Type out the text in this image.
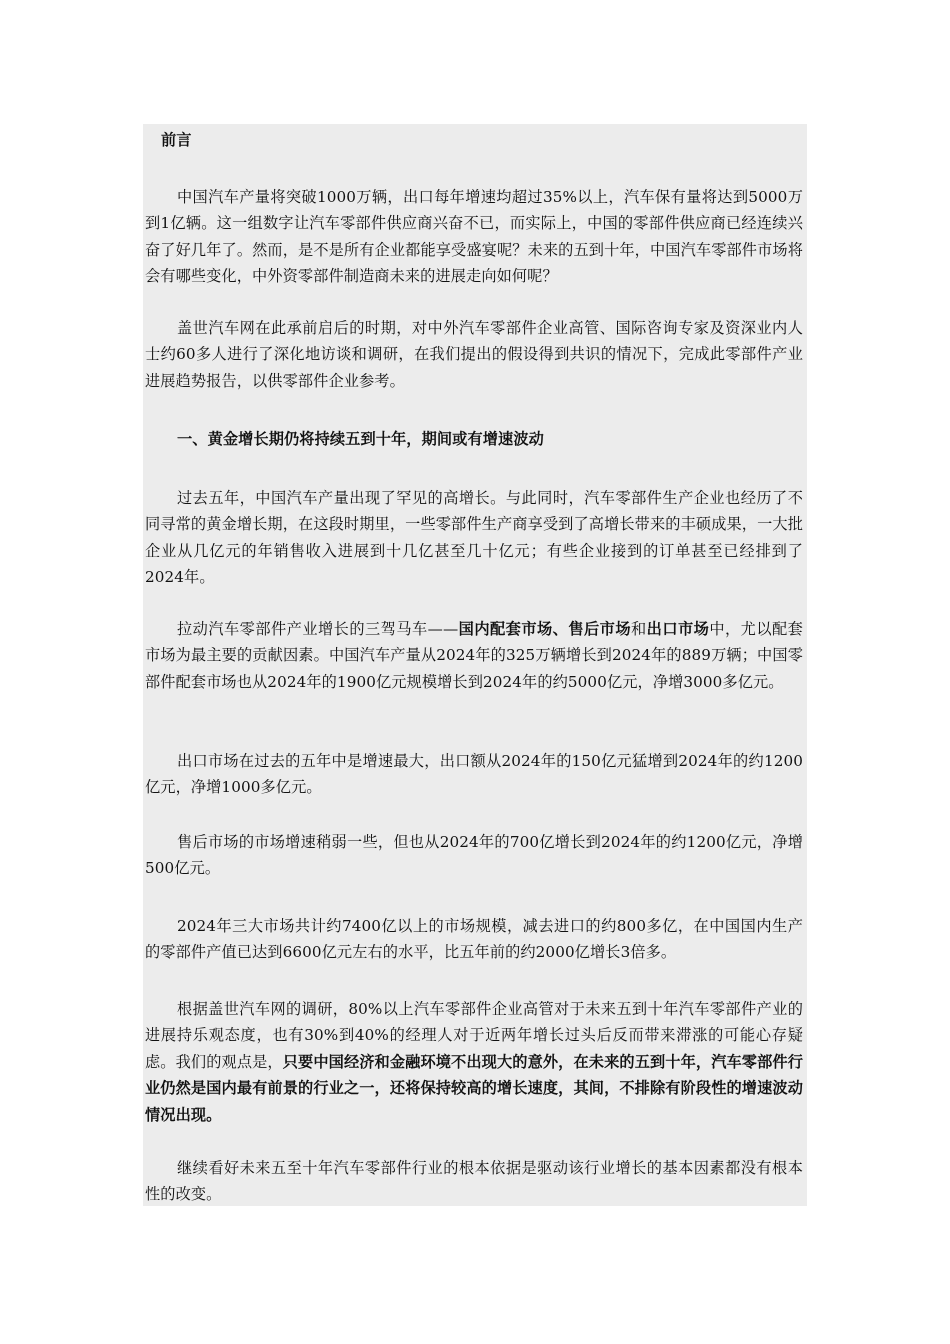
前言

中国汽车产量将突破1000万辆，出口每年增速均超过35%以上，汽车保有量将达到5000万到1亿辆。这一组数字让汽车零部件供应商兴奋不已，而实际上，中国的零部件供应商已经连续兴奋了好几年了。然而，是不是所有企业都能享受盛宴呢？未来的五到十年，中国汽车零部件市场将会有哪些变化，中外资零部件制造商未来的进展走向如何呢？

盖世汽车网在此承前启后的时期，对中外汽车零部件企业高管、国际咨询专家及资深业内人士约60多人进行了深化地访谈和调研，在我们提出的假设得到共识的情况下，完成此零部件产业进展趋势报告，以供零部件企业参考。

一、黄金增长期仍将持续五到十年，期间或有增速波动

过去五年，中国汽车产量出现了罕见的高增长。与此同时，汽车零部件生产企业也经历了不同寻常的黄金增长期，在这段时期里，一些零部件生产商享受到了高增长带来的丰硕成果，一大批企业从几亿元的年销售收入进展到十几亿甚至几十亿元；有些企业接到的订单甚至已经排到了2024年。

拉动汽车零部件产业增长的三驾马车——国内配套市场、售后市场和出口市场中，尤以配套市场为最主要的贡献因素。中国汽车产量从2024年的325万辆增长到2024年的889万辆；中国零部件配套市场也从2024年的1900亿元规模增长到2024年的约5000亿元，净增3000多亿元。

出口市场在过去的五年中是增速最大，出口额从2024年的150亿元猛增到2024年的约1200亿元，净增1000多亿元。

售后市场的市场增速稍弱一些，但也从2024年的700亿增长到2024年的约1200亿元，净增500亿元。

2024年三大市场共计约7400亿以上的市场规模，减去进口的约800多亿，在中国国内生产的零部件产值已达到6600亿元左右的水平，比五年前的约2000亿增长3倍多。

根据盖世汽车网的调研，80%以上汽车零部件企业高管对于未来五到十年汽车零部件产业的进展持乐观态度，也有30%到40%的经理人对于近两年增长过头后反而带来滞涨的可能心存疑虑。我们的观点是，只要中国经济和金融环境不出现大的意外，在未来的五到十年，汽车零部件行业仍然是国内最有前景的行业之一，还将保持较高的增长速度，其间，不排除有阶段性的增速波动情况出现。

继续看好未来五至十年汽车零部件行业的根本依据是驱动该行业增长的基本因素都没有根本性的改变。
